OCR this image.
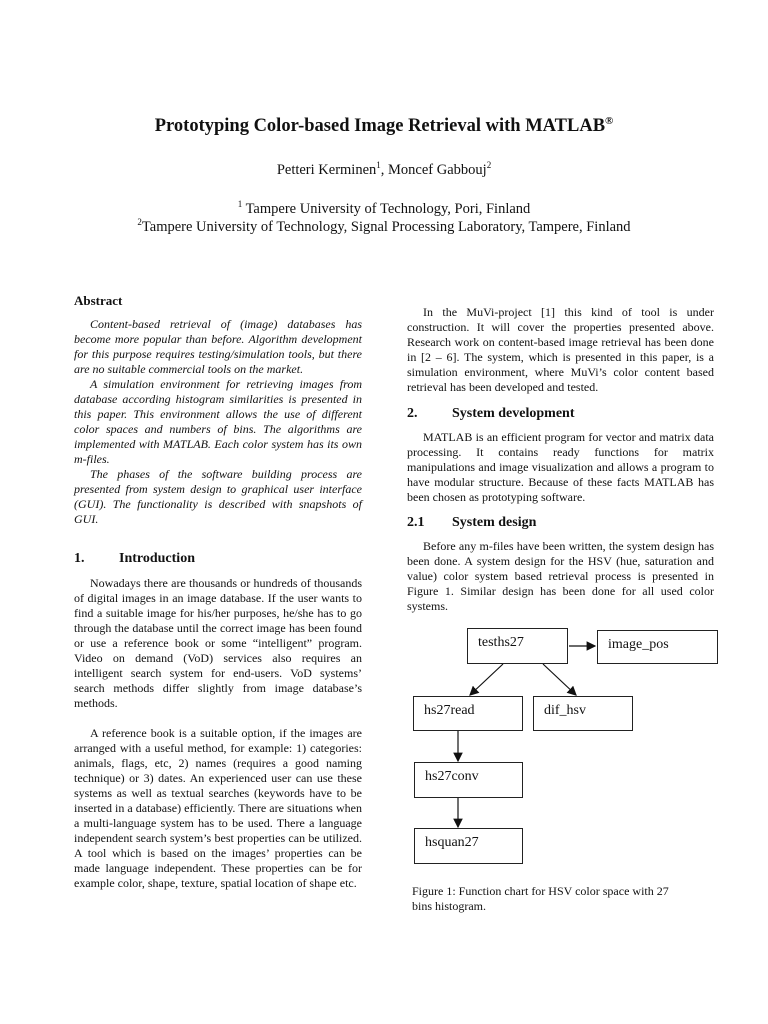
Prototyping Color-based Image Retrieval with MATLAB®
Petteri Kerminen$^1$, Moncef Gabbouj$^2$
$^1$ Tampere University of Technology, Pori, Finland
$^2$Tampere University of Technology, Signal Processing Laboratory, Tampere, Finland
Abstract

Content-based retrieval of (image) databases has become more popular than before. Algorithm development for this purpose requires testing/simulation tools, but there are no suitable commercial tools on the market.

A simulation environment for retrieving images from database according histogram similarities is presented in this paper. This environment allows the use of different color spaces and numbers of bins. The algorithms are implemented with MATLAB. Each color system has its own m-files.

The phases of the software building process are presented from system design to graphical user interface (GUI). The functionality is described with snapshots of GUI.

1.	Introduction

Nowadays there are thousands or hundreds of thousands of digital images in an image database. If the user wants to find a suitable image for his/her purposes, he/she has to go through the database until the correct image has been found or use a reference book or some “intelligent” program. Video on demand (VoD) services also requires an intelligent search system for end-users. VoD systems’ search methods differ slightly from image database’s methods.

A reference book is a suitable option, if the images are arranged with a useful method, for example: 1) categories: animals, flags, etc, 2) names (requires a good naming technique) or 3) dates. An experienced user can use these systems as well as textual searches (keywords have to be inserted in a database) efficiently. There are situations when a multi-language system has to be used. There a language independent search system’s best properties can be utilized. A tool which is based on the images’ properties can be made language independent. These properties can be for example color, shape, texture, spatial location of shape etc.

In the MuVi-project [1] this kind of tool is under construction. It will cover the properties presented above. Research work on content-based image retrieval has been done in [2 – 6]. The system, which is presented in this paper, is a simulation environment, where MuVi’s color content based retrieval has been developed and tested.

2.	System development

MATLAB is an efficient program for vector and matrix data processing. It contains ready functions for matrix manipulations and image visualization and allows a program to have modular structure. Because of these facts MATLAB has been chosen as prototyping software.

2.1	System design

Before any m-files have been written, the system design has been done. A system design for the HSV (hue, saturation and value) color system based retrieval process is presented in Figure 1. Similar design has been done for all used color systems.

tesths27	image_pos
hs27read	dif_hsv
hs27conv
hsquan27
Figure 1: Function chart for HSV color space with 27 bins histogram.
